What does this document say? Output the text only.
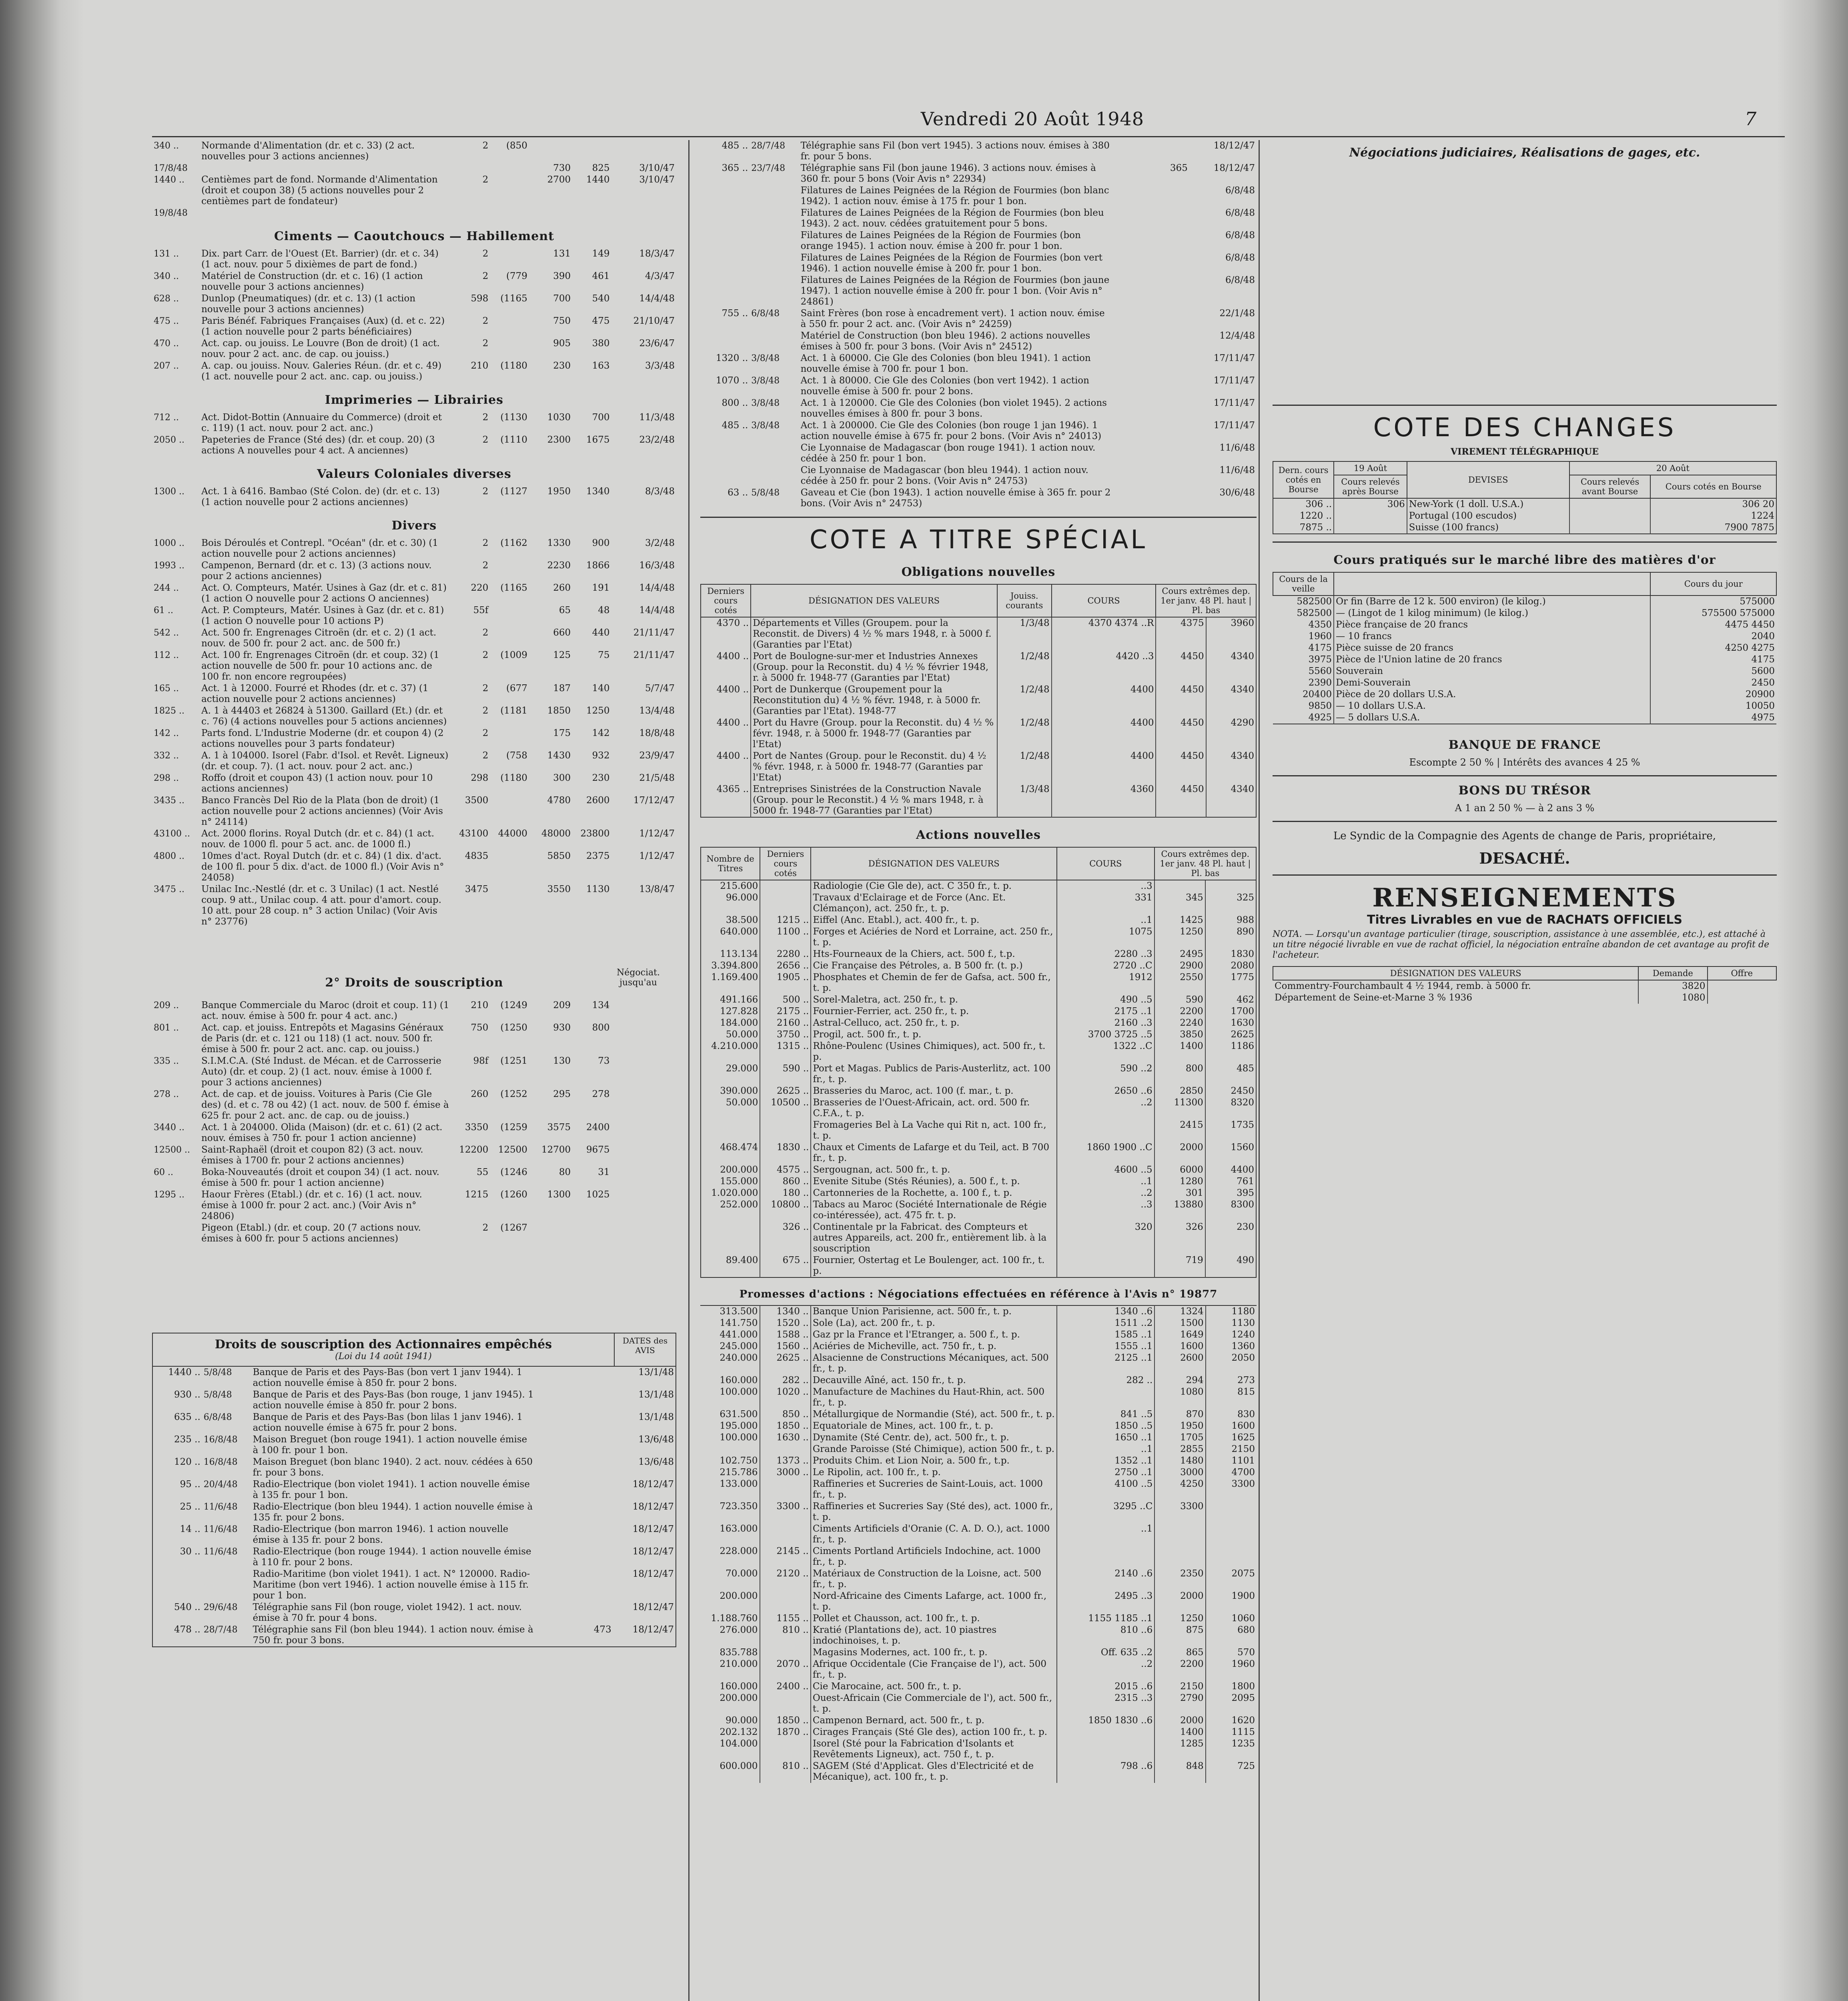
Vendredi 20 Août 1948	7
340 ..	Normande d'Alimentation (dr. et c. 33) (2 act. nouvelles pour 3 actions anciennes)	2	(850			
17/8/48				730	825	3/10/47
1440 ..	Centièmes part de fond. Normande d'Alimentation (droit et coupon 38) (5 actions nouvelles pour 2 centièmes part de fondateur)	2		2700	1440	3/10/47
19/8/48						
Ciments — Caoutchoucs — Habillement
131 ..	Dix. part Carr. de l'Ouest (Et. Barrier) (dr. et c. 34) (1 act. nouv. pour 5 dixièmes de part de fond.)	2		131	149	18/3/47
340 ..	Matériel de Construction (dr. et c. 16) (1 action nouvelle pour 3 actions anciennes)	2	(779	390	461	4/3/47
628 ..	Dunlop (Pneumatiques) (dr. et c. 13) (1 action nouvelle pour 3 actions anciennes)	598	(1165	700	540	14/4/48
475 ..	Paris Bénéf. Fabriques Françaises (Aux) (d. et c. 22) (1 action nouvelle pour 2 parts bénéficiaires)	2		750	475	21/10/47
470 ..	Act. cap. ou jouiss. Le Louvre (Bon de droit) (1 act. nouv. pour 2 act. anc. de cap. ou jouiss.)	2		905	380	23/6/47
207 ..	A. cap. ou jouiss. Nouv. Galeries Réun. (dr. et c. 49) (1 act. nouvelle pour 2 act. anc. cap. ou jouiss.)	210	(1180	230	163	3/3/48
Imprimeries — Librairies
712 ..	Act. Didot-Bottin (Annuaire du Commerce) (droit et c. 119) (1 act. nouv. pour 2 act. anc.)	2	(1130	1030	700	11/3/48
2050 ..	Papeteries de France (Sté des) (dr. et coup. 20) (3 actions A nouvelles pour 4 act. A anciennes)	2	(1110	2300	1675	23/2/48
Valeurs Coloniales diverses
1300 ..	Act. 1 à 6416. Bambao (Sté Colon. de) (dr. et c. 13) (1 action nouvelle pour 2 actions anciennes)	2	(1127	1950	1340	8/3/48
Divers
1000 ..	Bois Déroulés et Contrepl. "Océan" (dr. et c. 30) (1 action nouvelle pour 2 actions anciennes)	2	(1162	1330	900	3/2/48
1993 ..	Campenon, Bernard (dr. et c. 13) (3 actions nouv. pour 2 actions anciennes)	2		2230	1866	16/3/48
244 ..	Act. O. Compteurs, Matér. Usines à Gaz (dr. et c. 81) (1 action O nouvelle pour 2 actions O anciennes)	220	(1165	260	191	14/4/48
61 ..	Act. P. Compteurs, Matér. Usines à Gaz (dr. et c. 81) (1 action O nouvelle pour 10 actions P)	55f		65	48	14/4/48
542 ..	Act. 500 fr. Engrenages Citroën (dr. et c. 2) (1 act. nouv. de 500 fr. pour 2 act. anc. de 500 fr.)	2		660	440	21/11/47
112 ..	Act. 100 fr. Engrenages Citroën (dr. et coup. 32) (1 action nouvelle de 500 fr. pour 10 actions anc. de 100 fr. non encore regroupées)	2	(1009	125	75	21/11/47
165 ..	Act. 1 à 12000. Fourré et Rhodes (dr. et c. 37) (1 action nouvelle pour 2 actions anciennes)	2	(677	187	140	5/7/47
1825 ..	A. 1 à 44403 et 26824 à 51300. Gaillard (Et.) (dr. et c. 76) (4 actions nouvelles pour 5 actions anciennes)	2	(1181	1850	1250	13/4/48
142 ..	Parts fond. L'Industrie Moderne (dr. et coupon 4) (2 actions nouvelles pour 3 parts fondateur)	2		175	142	18/8/48
332 ..	A. 1 à 104000. Isorel (Fabr. d'Isol. et Revêt. Ligneux) (dr. et coup. 7). (1 act. nouv. pour 2 act. anc.)	2	(758	1430	932	23/9/47
298 ..	Roffo (droit et coupon 43) (1 action nouv. pour 10 actions anciennes)	298	(1180	300	230	21/5/48
3435 ..	Banco Francès Del Rio de la Plata (bon de droit) (1 action nouvelle pour 2 actions anciennes) (Voir Avis n° 24114)	3500		4780	2600	17/12/47
43100 ..	Act. 2000 florins. Royal Dutch (dr. et c. 84) (1 act. nouv. de 1000 fl. pour 5 act. anc. de 1000 fl.)	43100	44000	48000	23800	1/12/47
4800 ..	10mes d'act. Royal Dutch (dr. et c. 84) (1 dix. d'act. de 100 fl. pour 5 dix. d'act. de 1000 fl.) (Voir Avis n° 24058)	4835		5850	2375	1/12/47
3475 ..	Unilac Inc.-Nestlé (dr. et c. 3 Unilac) (1 act. Nestlé coup. 9 att., Unilac coup. 4 att. pour d'amort. coup. 10 att. pour 28 coup. n° 3 action Unilac) (Voir Avis n° 23776)	3475		3550	1130	13/8/47
2° Droits de souscription
Négociat. jusqu'au
209 ..	Banque Commerciale du Maroc (droit et coup. 11) (1 act. nouv. émise à 500 fr. pour 4 act. anc.)	210	(1249	209	134	
801 ..	Act. cap. et jouiss. Entrepôts et Magasins Généraux de Paris (dr. et c. 121 ou 118) (1 act. nouv. 500 fr. émise à 500 fr. pour 2 act. anc. cap. ou jouiss.)	750	(1250	930	800	
335 ..	S.I.M.C.A. (Sté Indust. de Mécan. et de Carrosserie Auto) (dr. et coup. 2) (1 act. nouv. émise à 1000 f. pour 3 actions anciennes)	98f	(1251	130	73	
278 ..	Act. de cap. et de jouiss. Voitures à Paris (Cie Gle des) (d. et c. 78 ou 42) (1 act. nouv. de 500 f. émise à 625 fr. pour 2 act. anc. de cap. ou de jouiss.)	260	(1252	295	278	
3440 ..	Act. 1 à 204000. Olida (Maison) (dr. et c. 61) (2 act. nouv. émises à 750 fr. pour 1 action ancienne)	3350	(1259	3575	2400	
12500 ..	Saint-Raphaël (droit et coupon 82) (3 act. nouv. émises à 1700 fr. pour 2 actions anciennes)	12200	12500	12700	9675	
60 ..	Boka-Nouveautés (droit et coupon 34) (1 act. nouv. émise à 500 fr. pour 1 action ancienne)	55	(1246	80	31	
1295 ..	Haour Frères (Etabl.) (dr. et c. 16) (1 act. nouv. émise à 1000 fr. pour 2 act. anc.) (Voir Avis n° 24806)	1215	(1260	1300	1025	
	Pigeon (Etabl.) (dr. et coup. 20 (7 actions nouv. émises à 600 fr. pour 5 actions anciennes)	2	(1267			
Droits de souscription des Actionnaires empêchés
(Loi du 14 août 1941)
DATES des AVIS
1440 ..	5/8/48	Banque de Paris et des Pays-Bas (bon vert 1 janv 1944). 1 action nouvelle émise à 850 fr. pour 2 bons.		13/1/48
930 ..	5/8/48	Banque de Paris et des Pays-Bas (bon rouge, 1 janv 1945). 1 action nouvelle émise à 850 fr. pour 2 bons.		13/1/48
635 ..	6/8/48	Banque de Paris et des Pays-Bas (bon lilas 1 janv 1946). 1 action nouvelle émise à 675 fr. pour 2 bons.		13/1/48
235 ..	16/8/48	Maison Breguet (bon rouge 1941). 1 action nouvelle émise à 100 fr. pour 1 bon.		13/6/48
120 ..	16/8/48	Maison Breguet (bon blanc 1940). 2 act. nouv. cédées à 650 fr. pour 3 bons.		13/6/48
95 ..	20/4/48	Radio-Electrique (bon violet 1941). 1 action nouvelle émise à 135 fr. pour 1 bon.		18/12/47
25 ..	11/6/48	Radio-Electrique (bon bleu 1944). 1 action nouvelle émise à 135 fr. pour 2 bons.		18/12/47
14 ..	11/6/48	Radio-Electrique (bon marron 1946). 1 action nouvelle émise à 135 fr. pour 2 bons.		18/12/47
30 ..	11/6/48	Radio-Electrique (bon rouge 1944). 1 action nouvelle émise à 110 fr. pour 2 bons.		18/12/47
		Radio-Maritime (bon violet 1941). 1 act. N° 120000. Radio-Maritime (bon vert 1946). 1 action nouvelle émise à 115 fr. pour 1 bon.		18/12/47
540 ..	29/6/48	Télégraphie sans Fil (bon rouge, violet 1942). 1 act. nouv. émise à 70 fr. pour 4 bons.		18/12/47
478 ..	28/7/48	Télégraphie sans Fil (bon bleu 1944). 1 action nouv. émise à 750 fr. pour 3 bons.	473	18/12/47
485 ..	28/7/48	Télégraphie sans Fil (bon vert 1945). 3 actions nouv. émises à 380 fr. pour 5 bons.		18/12/47
365 ..	23/7/48	Télégraphie sans Fil (bon jaune 1946). 3 actions nouv. émises à 360 fr. pour 5 bons (Voir Avis n° 22934)	365	18/12/47
		Filatures de Laines Peignées de la Région de Fourmies (bon blanc 1942). 1 action nouv. émise à 175 fr. pour 1 bon.		6/8/48
		Filatures de Laines Peignées de la Région de Fourmies (bon bleu 1943). 2 act. nouv. cédées gratuitement pour 5 bons.		6/8/48
		Filatures de Laines Peignées de la Région de Fourmies (bon orange 1945). 1 action nouv. émise à 200 fr. pour 1 bon.		6/8/48
		Filatures de Laines Peignées de la Région de Fourmies (bon vert 1946). 1 action nouvelle émise à 200 fr. pour 1 bon.		6/8/48
		Filatures de Laines Peignées de la Région de Fourmies (bon jaune 1947). 1 action nouvelle émise à 200 fr. pour 1 bon. (Voir Avis n° 24861)		6/8/48
755 ..	6/8/48	Saint Frères (bon rose à encadrement vert). 1 action nouv. émise à 550 fr. pour 2 act. anc. (Voir Avis n° 24259)		22/1/48
		Matériel de Construction (bon bleu 1946). 2 actions nouvelles émises à 500 fr. pour 3 bons. (Voir Avis n° 24512)		12/4/48
1320 ..	3/8/48	Act. 1 à 60000. Cie Gle des Colonies (bon bleu 1941). 1 action nouvelle émise à 700 fr. pour 1 bon.		17/11/47
1070 ..	3/8/48	Act. 1 à 80000. Cie Gle des Colonies (bon vert 1942). 1 action nouvelle émise à 500 fr. pour 2 bons.		17/11/47
800 ..	3/8/48	Act. 1 à 120000. Cie Gle des Colonies (bon violet 1945). 2 actions nouvelles émises à 800 fr. pour 3 bons.		17/11/47
485 ..	3/8/48	Act. 1 à 200000. Cie Gle des Colonies (bon rouge 1 jan 1946). 1 action nouvelle émise à 675 fr. pour 2 bons. (Voir Avis n° 24013)		17/11/47
		Cie Lyonnaise de Madagascar (bon rouge 1941). 1 action nouv. cédée à 250 fr. pour 1 bon.		11/6/48
		Cie Lyonnaise de Madagascar (bon bleu 1944). 1 action nouv. cédée à 250 fr. pour 2 bons. (Voir Avis n° 24753)		11/6/48
63 ..	5/8/48	Gaveau et Cie (bon 1943). 1 action nouvelle émise à 365 fr. pour 2 bons. (Voir Avis n° 24753)		30/6/48
COTE A TITRE SPÉCIAL
Obligations nouvelles
Derniers cours cotés	DÉSIGNATION DES VALEURS	Jouiss. courants	COURS	Cours extrêmes dep. 1er janv. 48 Pl. haut | Pl. bas	
4370 ..	Départements et Villes (Groupem. pour la Reconstit. de Divers) 4 ½ % mars 1948, r. à 5000 f. (Garanties par l'Etat)	1/3/48	4370 4374 ..R	4375	3960
4400 ..	Port de Boulogne-sur-mer et Industries Annexes (Group. pour la Reconstit. du) 4 ½ % février 1948, r. à 5000 fr. 1948-77 (Garanties par l'Etat)	1/2/48	4420 ..3	4450	4340
4400 ..	Port de Dunkerque (Groupement pour la Reconstitution du) 4 ½ % févr. 1948, r. à 5000 fr. (Garanties par l'Etat). 1948-77	1/2/48	4400	4450	4340
4400 ..	Port du Havre (Group. pour la Reconstit. du) 4 ½ % févr. 1948, r. à 5000 fr. 1948-77 (Garanties par l'Etat)	1/2/48	4400	4450	4290
4400 ..	Port de Nantes (Group. pour le Reconstit. du) 4 ½ % févr. 1948, r. à 5000 fr. 1948-77 (Garanties par l'Etat)	1/2/48	4400	4450	4340
4365 ..	Entreprises Sinistrées de la Construction Navale (Group. pour le Reconstit.) 4 ½ % mars 1948, r. à 5000 fr. 1948-77 (Garanties par l'Etat)	1/3/48	4360	4450	4340
Actions nouvelles
Nombre de Titres	Derniers cours cotés	DÉSIGNATION DES VALEURS	COURS	Cours extrêmes dep. 1er janv. 48 Pl. haut | Pl. bas	
215.600		Radiologie (Cie Gle de), act. C 350 fr., t. p.	..3		
96.000		Travaux d'Eclairage et de Force (Anc. Et. Clémançon), act. 250 fr., t. p.	331	345	325
38.500	1215 ..	Eiffel (Anc. Etabl.), act. 400 fr., t. p.	..1	1425	988
640.000	1100 ..	Forges et Aciéries de Nord et Lorraine, act. 250 fr., t. p.	1075	1250	890
113.134	2280 ..	Hts-Fourneaux de la Chiers, act. 500 f., t.p.	2280 ..3	2495	1830
3.394.800	2656 ..	Cie Française des Pétroles, a. B 500 fr. (t. p.)	2720 ..C	2900	2080
1.169.400	1905 ..	Phosphates et Chemin de fer de Gafsa, act. 500 fr., t. p.	1912	2550	1775
491.166	500 ..	Sorel-Maletra, act. 250 fr., t. p.	490 ..5	590	462
127.828	2175 ..	Fournier-Ferrier, act. 250 fr., t. p.	2175 ..1	2200	1700
184.000	2160 ..	Astral-Celluco, act. 250 fr., t. p.	2160 ..3	2240	1630
50.000	3750 ..	Progil, act. 500 fr., t. p.	3700 3725 ..5	3850	2625
4.210.000	1315 ..	Rhône-Poulenc (Usines Chimiques), act. 500 fr., t. p.	1322 ..C	1400	1186
29.000	590 ..	Port et Magas. Publics de Paris-Austerlitz, act. 100 fr., t. p.	590 ..2	800	485
390.000	2625 ..	Brasseries du Maroc, act. 100 (f. mar., t. p.	2650 ..6	2850	2450
50.000	10500 ..	Brasseries de l'Ouest-Africain, act. ord. 500 fr. C.F.A., t. p.	..2	11300	8320
		Fromageries Bel à La Vache qui Rit n, act. 100 fr., t. p.		2415	1735
468.474	1830 ..	Chaux et Ciments de Lafarge et du Teil, act. B 700 fr., t. p.	1860 1900 ..C	2000	1560
200.000	4575 ..	Sergougnan, act. 500 fr., t. p.	4600 ..5	6000	4400
155.000	860 ..	Evenite Sitube (Stés Réunies), a. 500 f., t. p.	..1	1280	761
1.020.000	180 ..	Cartonneries de la Rochette, a. 100 f., t. p.	..2	301	395
252.000	10800 ..	Tabacs au Maroc (Société Internationale de Régie co-intéressée), act. 475 fr. t. p.	..3	13880	8300
	326 ..	Continentale pr la Fabricat. des Compteurs et autres Appareils, act. 200 fr., entièrement lib. à la souscription	320	326	230
89.400	675 ..	Fournier, Ostertag et Le Boulenger, act. 100 fr., t. p.		719	490
Promesses d'actions : Négociations effectuées en référence à l'Avis n° 19877
313.500	1340 ..	Banque Union Parisienne, act. 500 fr., t. p.	1340 ..6	1324	1180
141.750	1520 ..	Sole (La), act. 200 fr., t. p.	1511 ..2	1500	1130
441.000	1588 ..	Gaz pr la France et l'Etranger, a. 500 f., t. p.	1585 ..1	1649	1240
245.000	1560 ..	Aciéries de Micheville, act. 750 fr., t. p.	1555 ..1	1600	1360
240.000	2625 ..	Alsacienne de Constructions Mécaniques, act. 500 fr., t. p.	2125 ..1	2600	2050
160.000	282 ..	Decauville Aîné, act. 150 fr., t. p.	282 ..	294	273
100.000	1020 ..	Manufacture de Machines du Haut-Rhin, act. 500 fr., t. p.		1080	815
631.500	850 ..	Métallurgique de Normandie (Sté), act. 500 fr., t. p.	841 ..5	870	830
195.000	1850 ..	Equatoriale de Mines, act. 100 fr., t. p.	1850 ..5	1950	1600
100.000	1630 ..	Dynamite (Sté Centr. de), act. 500 fr., t. p.	1650 ..1	1705	1625
		Grande Paroisse (Sté Chimique), action 500 fr., t. p.	..1	2855	2150
102.750	1373 ..	Produits Chim. et Lion Noir, a. 500 fr., t.p.	1352 ..1	1480	1101
215.786	3000 ..	Le Ripolin, act. 100 fr., t. p.	2750 ..1	3000	4700
133.000		Raffineries et Sucreries de Saint-Louis, act. 1000 fr., t. p.	4100 ..5	4250	3300
723.350	3300 ..	Raffineries et Sucreries Say (Sté des), act. 1000 fr., t. p.	3295 ..C	3300	
163.000		Ciments Artificiels d'Oranie (C. A. D. O.), act. 1000 fr., t. p.	..1		
228.000	2145 ..	Ciments Portland Artificiels Indochine, act. 1000 fr., t. p.			
70.000	2120 ..	Matériaux de Construction de la Loisne, act. 500 fr., t. p.	2140 ..6	2350	2075
200.000		Nord-Africaine des Ciments Lafarge, act. 1000 fr., t. p.	2495 ..3	2000	1900
1.188.760	1155 ..	Pollet et Chausson, act. 100 fr., t. p.	1155 1185 ..1	1250	1060
276.000	810 ..	Kratié (Plantations de), act. 10 piastres indochinoises, t. p.	810 ..6	875	680
835.788		Magasins Modernes, act. 100 fr., t. p.	Off. 635 ..2	865	570
210.000	2070 ..	Afrique Occidentale (Cie Française de l'), act. 500 fr., t. p.	..2	2200	1960
160.000	2400 ..	Cie Marocaine, act. 500 fr., t. p.	2015 ..6	2150	1800
200.000		Ouest-Africain (Cie Commerciale de l'), act. 500 fr., t. p.	2315 ..3	2790	2095
90.000	1850 ..	Campenon Bernard, act. 500 fr., t. p.	1850 1830 ..6	2000	1620
202.132	1870 ..	Cirages Français (Sté Gle des), action 100 fr., t. p.		1400	1115
104.000		Isorel (Sté pour la Fabrication d'Isolants et Revêtements Ligneux), act. 750 f., t. p.		1285	1235
600.000	810 ..	SAGEM (Sté d'Applicat. Gles d'Electricité et de Mécanique), act. 100 fr., t. p.	798 ..6	848	725
Négociations judiciaires, Réalisations de gages, etc.
COTE DES CHANGES
VIREMENT TÉLÉGRAPHIQUE
Dern. cours cotés en Bourse	19 Août	DEVISES	20 Août	
	Cours relevés après Bourse		Cours relevés avant Bourse	Cours cotés en Bourse
306 ..	306	New-York (1 doll. U.S.A.)		306 20
1220 ..		Portugal (100 escudos)		1224
7875 ..		Suisse (100 francs)		7900 7875
Cours pratiqués sur le marché libre des matières d'or
Cours de la veille		Cours du jour
582500	Or fin (Barre de 12 k. 500 environ) (le kilog.)	575000
582500	— (Lingot de 1 kilog minimum) (le kilog.)	575500 575000
4350	Pièce française de 20 francs	4475 4450
1960	— 10 francs	2040
4175	Pièce suisse de 20 francs	4250 4275
3975	Pièce de l'Union latine de 20 francs	4175
5560	Souverain	5600
2390	Demi-Souverain	2450
20400	Pièce de 20 dollars U.S.A.	20900
9850	— 10 dollars U.S.A.	10050
4925	— 5 dollars U.S.A.	4975
BANQUE DE FRANCE
Escompte 2 50 % | Intérêts des avances 4 25 %
BONS DU TRÉSOR
A 1 an 2 50 % — à 2 ans 3 %
Le Syndic de la Compagnie des Agents de change de Paris, propriétaire,
DESACHÉ.
RENSEIGNEMENTS
Titres Livrables en vue de RACHATS OFFICIELS
NOTA. — Lorsqu'un avantage particulier (tirage, souscription, assistance à une assemblée, etc.), est attaché à un titre négocié livrable en vue de rachat officiel, la négociation entraîne abandon de cet avantage au profit de l'acheteur.
DÉSIGNATION DES VALEURS	Demande	Offre
Commentry-Fourchambault 4 ½ 1944, remb. à 5000 fr.	3820	
Département de Seine-et-Marne 3 % 1936	1080	
